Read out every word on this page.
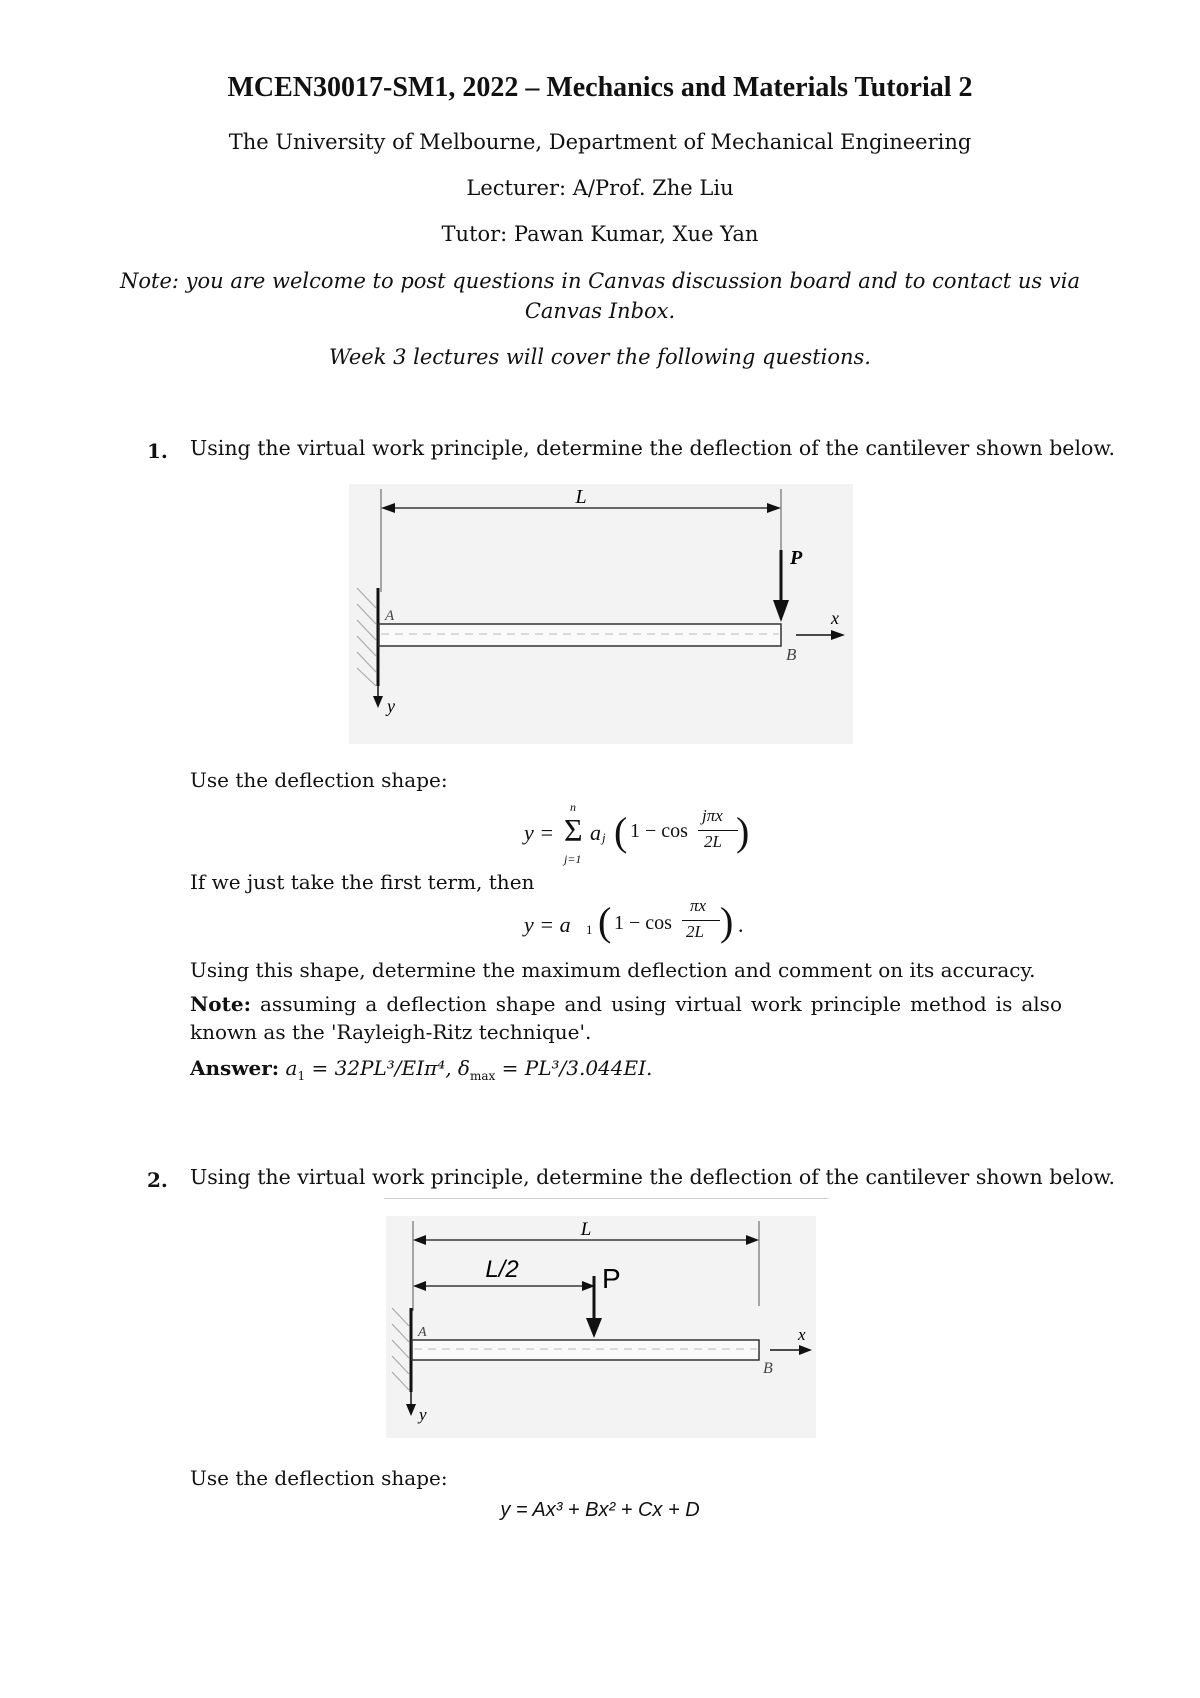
MCEN30017-SM1, 2022 – Mechanics and Materials Tutorial 2
The University of Melbourne, Department of Mechanical Engineering
Lecturer: A/Prof. Zhe Liu
Tutor: Pawan Kumar, Xue Yan
Note: you are welcome to post questions in Canvas discussion board and to contact us via
Canvas Inbox.
Week 3 lectures will cover the following questions.
1. Using the virtual work principle, determine the deflection of the cantilever shown below.
L
A
B
P
x
y
Use the deflection shape:
y =
n
Σ
j=1
a j ( 1 − cos
jπx
2L )
If we just take the first term, then
y = a 1 ( 1 − cos
πx
2L ) .
Using this shape, determine the maximum deflection and comment on its accuracy.
Note: assuming a deflection shape and using virtual work principle method is also
known as the 'Rayleigh-Ritz technique'.
Answer: $a_1 = 32PL^3/EI\pi^4$, $\delta_{max} = PL^3/3.044EI$.
2. Using the virtual work principle, determine the deflection of the cantilever shown below.
L
L/2	P
A
B
x
y
Use the deflection shape:
y = Ax³ + Bx² + Cx + D
